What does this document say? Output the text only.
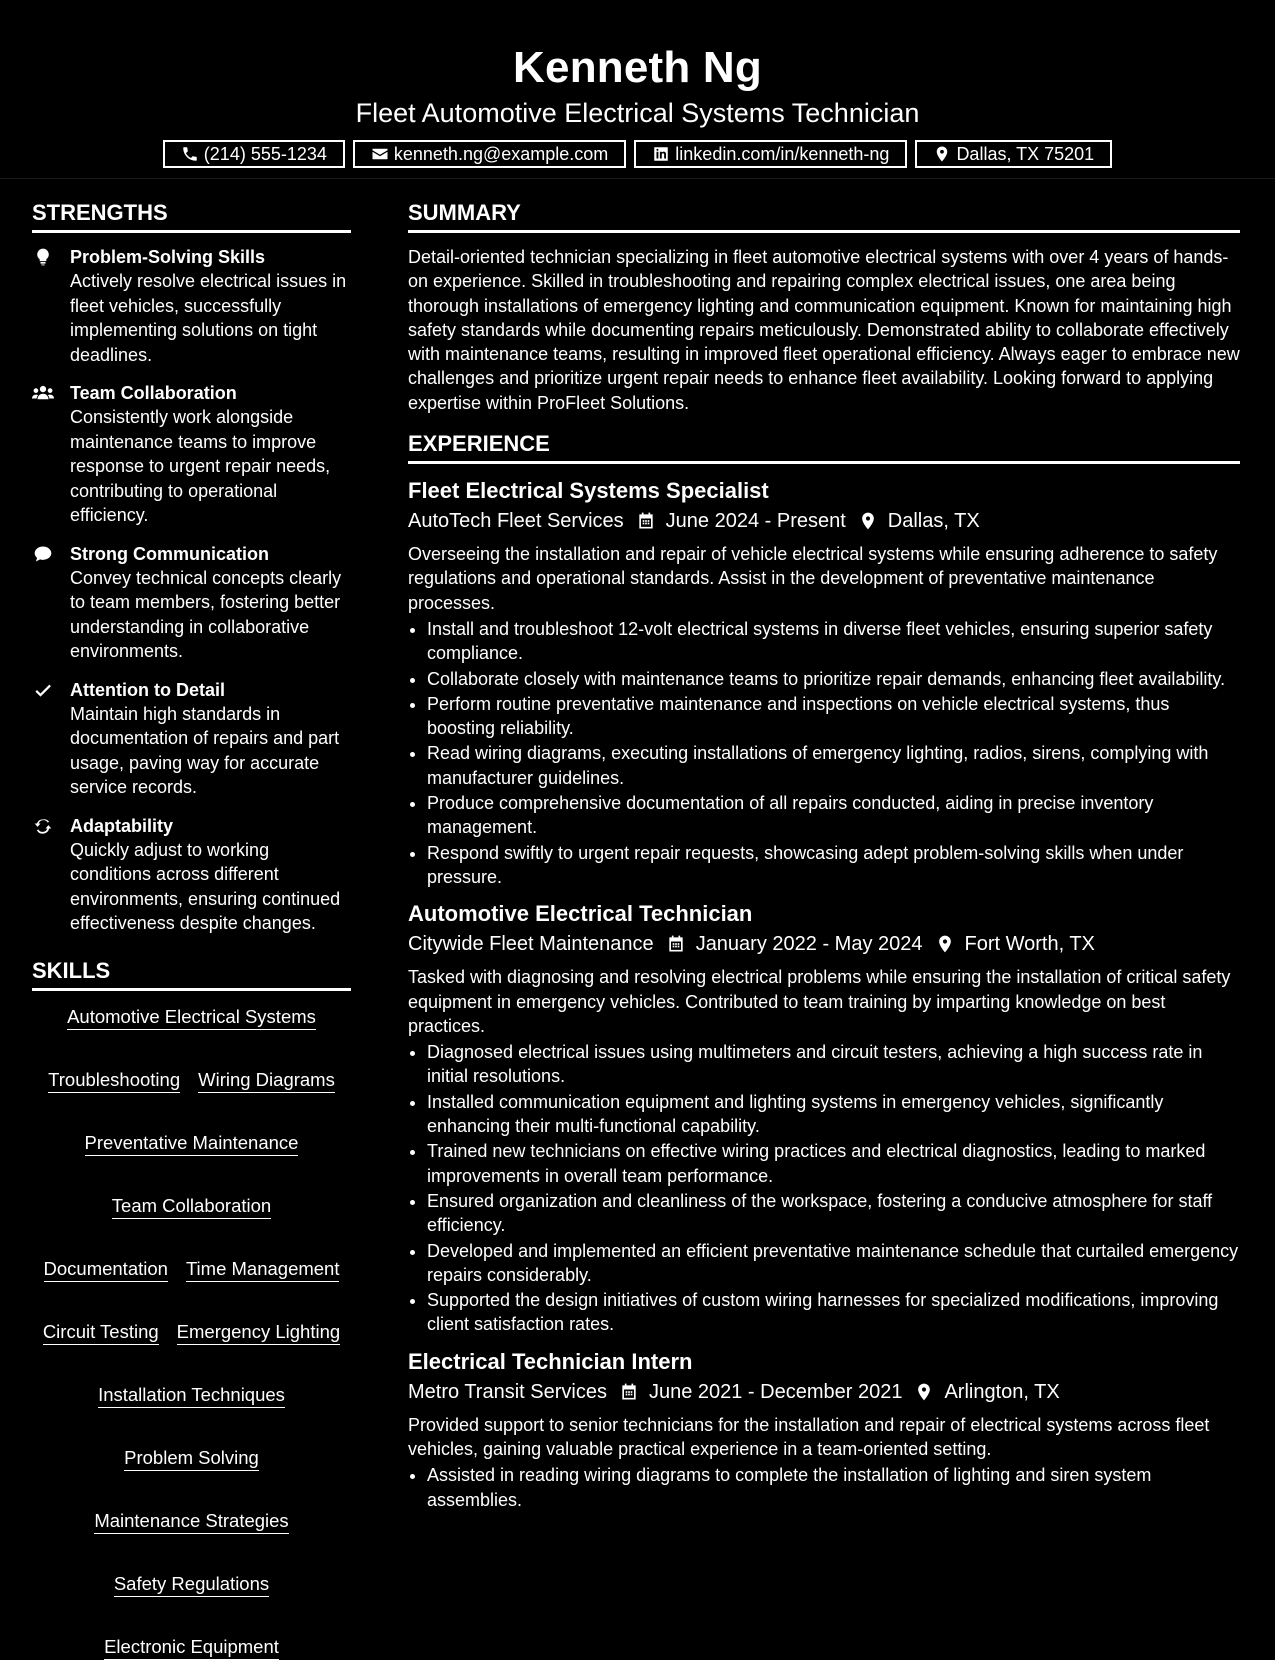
Kenneth Ng
Fleet Automotive Electrical Systems Technician
(214) 555-1234	kenneth.ng@example.com	linkedin.com/in/kenneth-ng	Dallas, TX 75201
STRENGTHS
Problem-Solving Skills
Actively resolve electrical issues in fleet vehicles, successfully implementing solutions on tight deadlines.
Team Collaboration
Consistently work alongside maintenance teams to improve response to urgent repair needs, contributing to operational efficiency.
Strong Communication
Convey technical concepts clearly to team members, fostering better understanding in collaborative environments.
Attention to Detail
Maintain high standards in documentation of repairs and part usage, paving way for accurate service records.
Adaptability
Quickly adjust to working conditions across different environments, ensuring continued effectiveness despite changes.
SKILLS
Automotive Electrical Systems
Troubleshooting Wiring Diagrams
Preventative Maintenance
Team Collaboration
Documentation Time Management
Circuit Testing Emergency Lighting
Installation Techniques
Problem Solving
Maintenance Strategies
Safety Regulations
Electronic Equipment
SUMMARY
Detail-oriented technician specializing in fleet automotive electrical systems with over 4 years of hands-on experience. Skilled in troubleshooting and repairing complex electrical issues, one area being thorough installations of emergency lighting and communication equipment. Known for maintaining high safety standards while documenting repairs meticulously. Demonstrated ability to collaborate effectively with maintenance teams, resulting in improved fleet operational efficiency. Always eager to embrace new challenges and prioritize urgent repair needs to enhance fleet availability. Looking forward to applying expertise within ProFleet Solutions.
EXPERIENCE
Fleet Electrical Systems Specialist
AutoTech Fleet Services June 2024 - Present Dallas, TX
Overseeing the installation and repair of vehicle electrical systems while ensuring adherence to safety regulations and operational standards. Assist in the development of preventative maintenance processes.
• Install and troubleshoot 12-volt electrical systems in diverse fleet vehicles, ensuring superior safety compliance.
• Collaborate closely with maintenance teams to prioritize repair demands, enhancing fleet availability.
• Perform routine preventative maintenance and inspections on vehicle electrical systems, thus boosting reliability.
• Read wiring diagrams, executing installations of emergency lighting, radios, sirens, complying with manufacturer guidelines.
• Produce comprehensive documentation of all repairs conducted, aiding in precise inventory management.
• Respond swiftly to urgent repair requests, showcasing adept problem-solving skills when under pressure.
Automotive Electrical Technician
Citywide Fleet Maintenance January 2022 - May 2024 Fort Worth, TX
Tasked with diagnosing and resolving electrical problems while ensuring the installation of critical safety equipment in emergency vehicles. Contributed to team training by imparting knowledge on best practices.
• Diagnosed electrical issues using multimeters and circuit testers, achieving a high success rate in initial resolutions.
• Installed communication equipment and lighting systems in emergency vehicles, significantly enhancing their multi-functional capability.
• Trained new technicians on effective wiring practices and electrical diagnostics, leading to marked improvements in overall team performance.
• Ensured organization and cleanliness of the workspace, fostering a conducive atmosphere for staff efficiency.
• Developed and implemented an efficient preventative maintenance schedule that curtailed emergency repairs considerably.
• Supported the design initiatives of custom wiring harnesses for specialized modifications, improving client satisfaction rates.
Electrical Technician Intern
Metro Transit Services June 2021 - December 2021 Arlington, TX
Provided support to senior technicians for the installation and repair of electrical systems across fleet vehicles, gaining valuable practical experience in a team-oriented setting.
• Assisted in reading wiring diagrams to complete the installation of lighting and siren system assemblies.
